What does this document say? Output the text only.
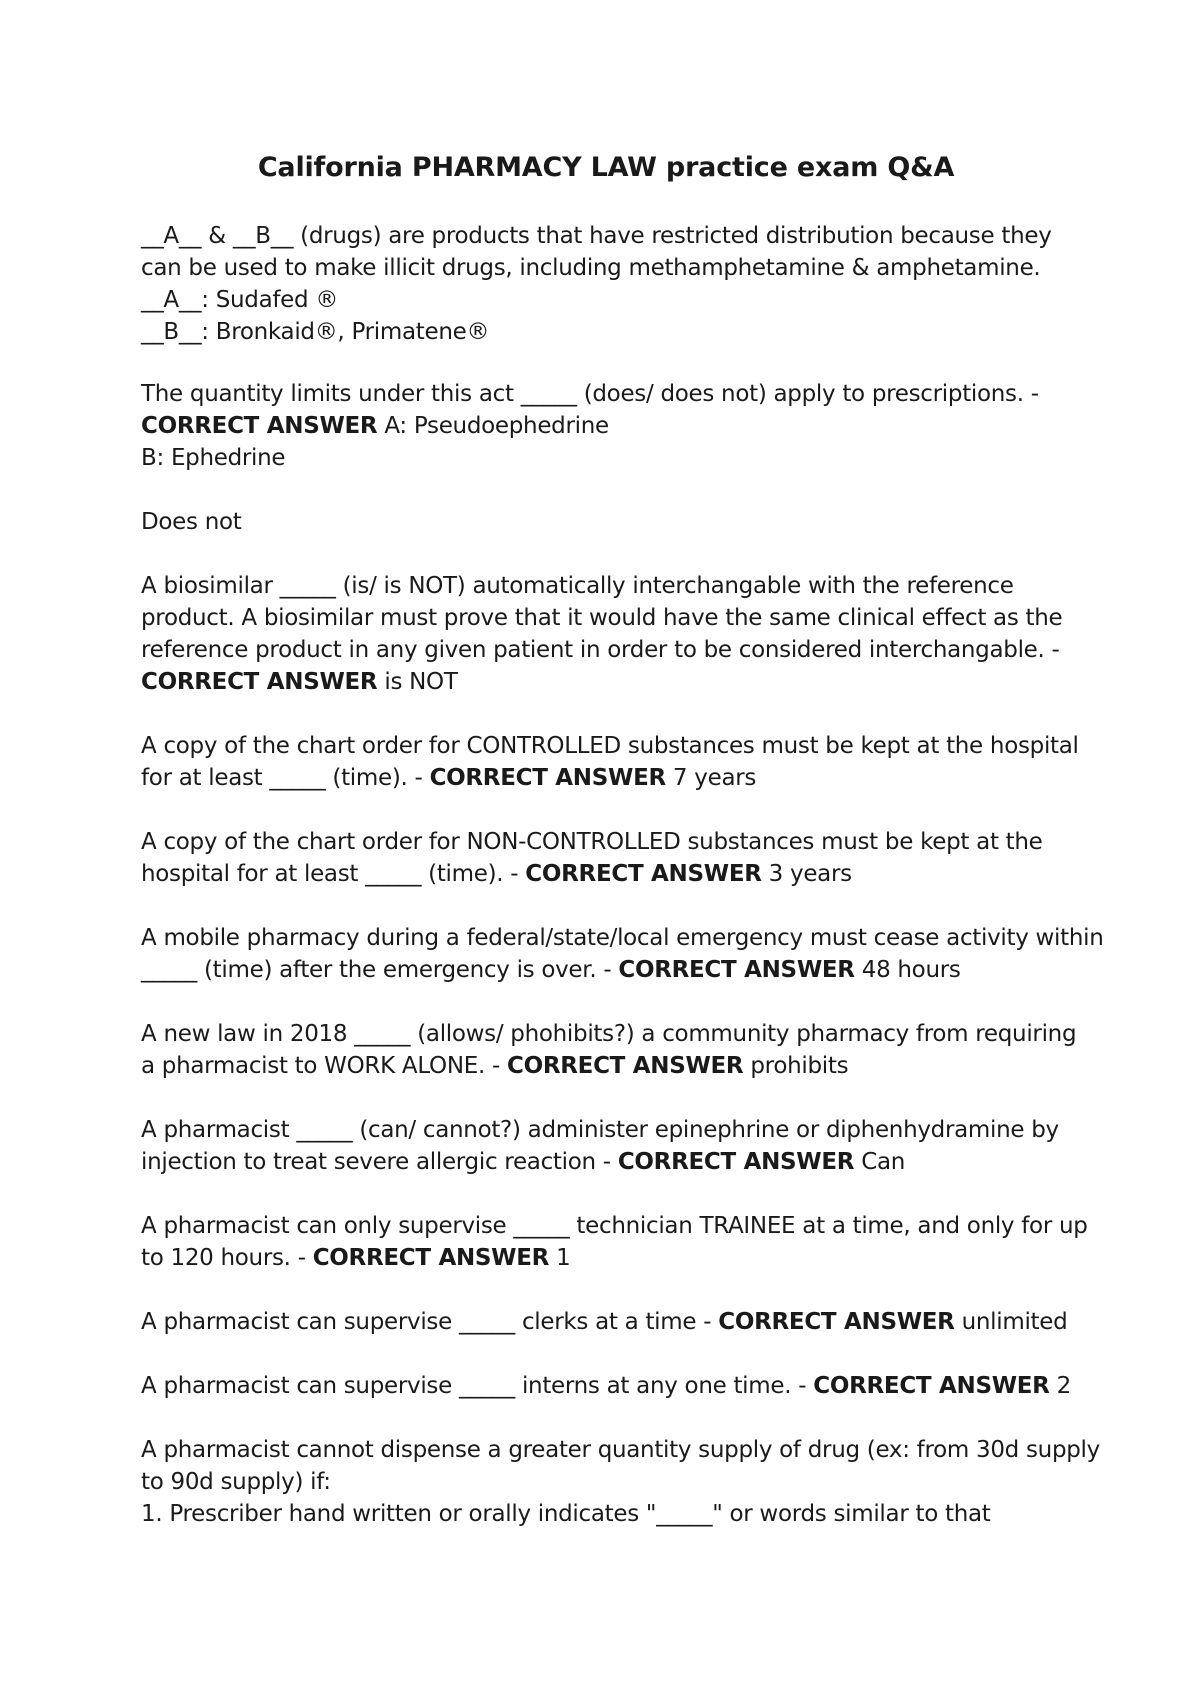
California PHARMACY LAW practice exam Q&A
__A__ & __B__ (drugs) are products that have restricted distribution because they
can be used to make illicit drugs, including methamphetamine & amphetamine.
__A__: Sudafed ®
__B__: Bronkaid®, Primatene®
The quantity limits under this act _____ (does/ does not) apply to prescriptions. -
CORRECT ANSWER A: Pseudoephedrine
B: Ephedrine
Does not
A biosimilar _____ (is/ is NOT) automatically interchangable with the reference
product. A biosimilar must prove that it would have the same clinical effect as the
reference product in any given patient in order to be considered interchangable. -
CORRECT ANSWER is NOT
A copy of the chart order for CONTROLLED substances must be kept at the hospital
for at least _____ (time). - CORRECT ANSWER 7 years
A copy of the chart order for NON-CONTROLLED substances must be kept at the
hospital for at least _____ (time). - CORRECT ANSWER 3 years
A mobile pharmacy during a federal/state/local emergency must cease activity within
_____ (time) after the emergency is over. - CORRECT ANSWER 48 hours
A new law in 2018 _____ (allows/ phohibits?) a community pharmacy from requiring
a pharmacist to WORK ALONE. - CORRECT ANSWER prohibits
A pharmacist _____ (can/ cannot?) administer epinephrine or diphenhydramine by
injection to treat severe allergic reaction - CORRECT ANSWER Can
A pharmacist can only supervise _____ technician TRAINEE at a time, and only for up
to 120 hours. - CORRECT ANSWER 1
A pharmacist can supervise _____ clerks at a time - CORRECT ANSWER unlimited
A pharmacist can supervise _____ interns at any one time. - CORRECT ANSWER 2
A pharmacist cannot dispense a greater quantity supply of drug (ex: from 30d supply
to 90d supply) if:
1. Prescriber hand written or orally indicates "_____" or words similar to that
